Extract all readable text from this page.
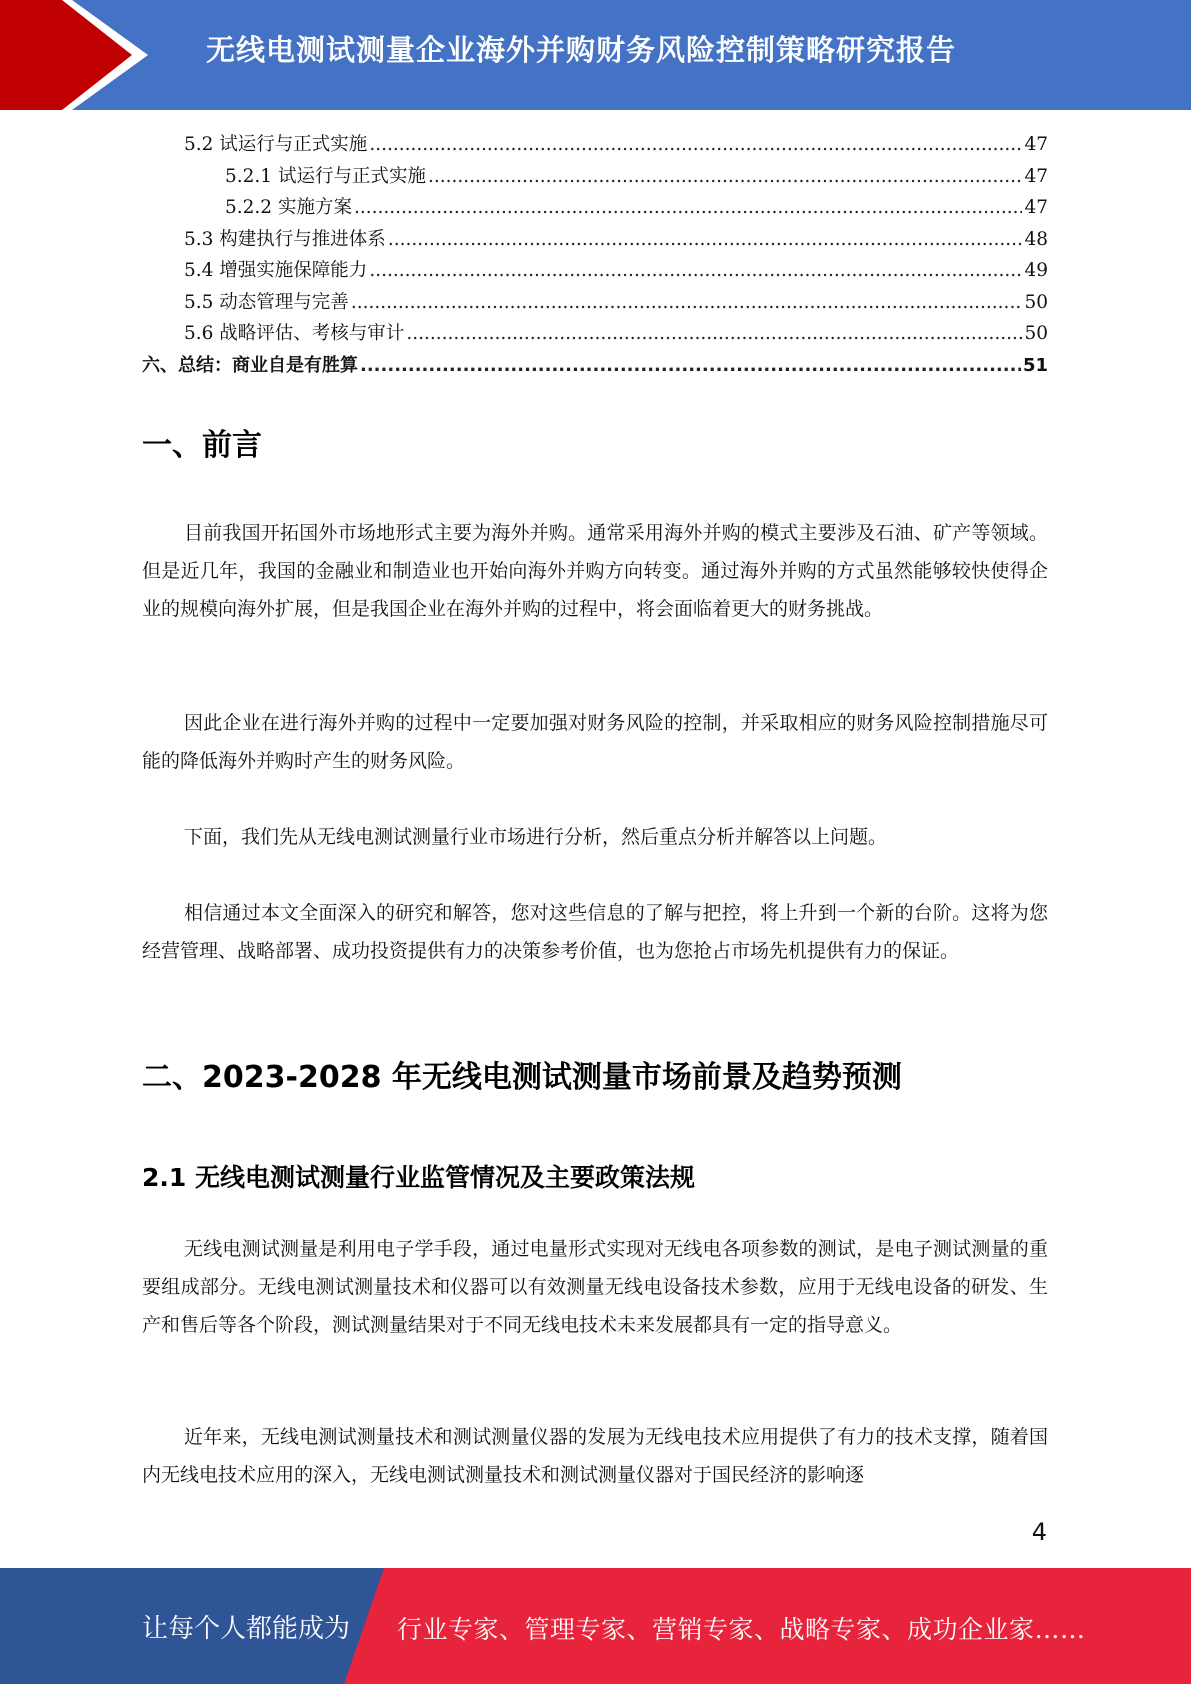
无线电测试测量企业海外并购财务风险控制策略研究报告
5.2 试运行与正式实施 .....	47
5.2.1 试运行与正式实施 .....	47
5.2.2 实施方案 .....	47
5.3 构建执行与推进体系 .....	48
5.4 增强实施保障能力 .....	49
5.5 动态管理与完善 .....	50
5.6 战略评估、考核与审计 .....	50
六、总结：商业自是有胜算 .....	51
一、前言

目前我国开拓国外市场地形式主要为海外并购。通常采用海外并购的模式主要涉及石油、矿产等领域。但是近几年，我国的金融业和制造业也开始向海外并购方向转变。通过海外并购的方式虽然能够较快使得企业的规模向海外扩展，但是我国企业在海外并购的过程中，将会面临着更大的财务挑战。

因此企业在进行海外并购的过程中一定要加强对财务风险的控制，并采取相应的财务风险控制措施尽可能的降低海外并购时产生的财务风险。

下面，我们先从无线电测试测量行业市场进行分析，然后重点分析并解答以上问题。

相信通过本文全面深入的研究和解答，您对这些信息的了解与把控，将上升到一个新的台阶。这将为您经营管理、战略部署、成功投资提供有力的决策参考价值，也为您抢占市场先机提供有力的保证。

二、2023-2028 年无线电测试测量市场前景及趋势预测
2.1 无线电测试测量行业监管情况及主要政策法规

无线电测试测量是利用电子学手段，通过电量形式实现对无线电各项参数的测试，是电子测试测量的重要组成部分。无线电测试测量技术和仪器可以有效测量无线电设备技术参数，应用于无线电设备的研发、生产和售后等各个阶段，测试测量结果对于不同无线电技术未来发展都具有一定的指导意义。

近年来，无线电测试测量技术和测试测量仪器的发展为无线电技术应用提供了有力的技术支撑，随着国内无线电技术应用的深入，无线电测试测量技术和测试测量仪器对于国民经济的影响逐

4
让每个人都能成为 行业专家、管理专家、营销专家、战略专家、成功企业家……
